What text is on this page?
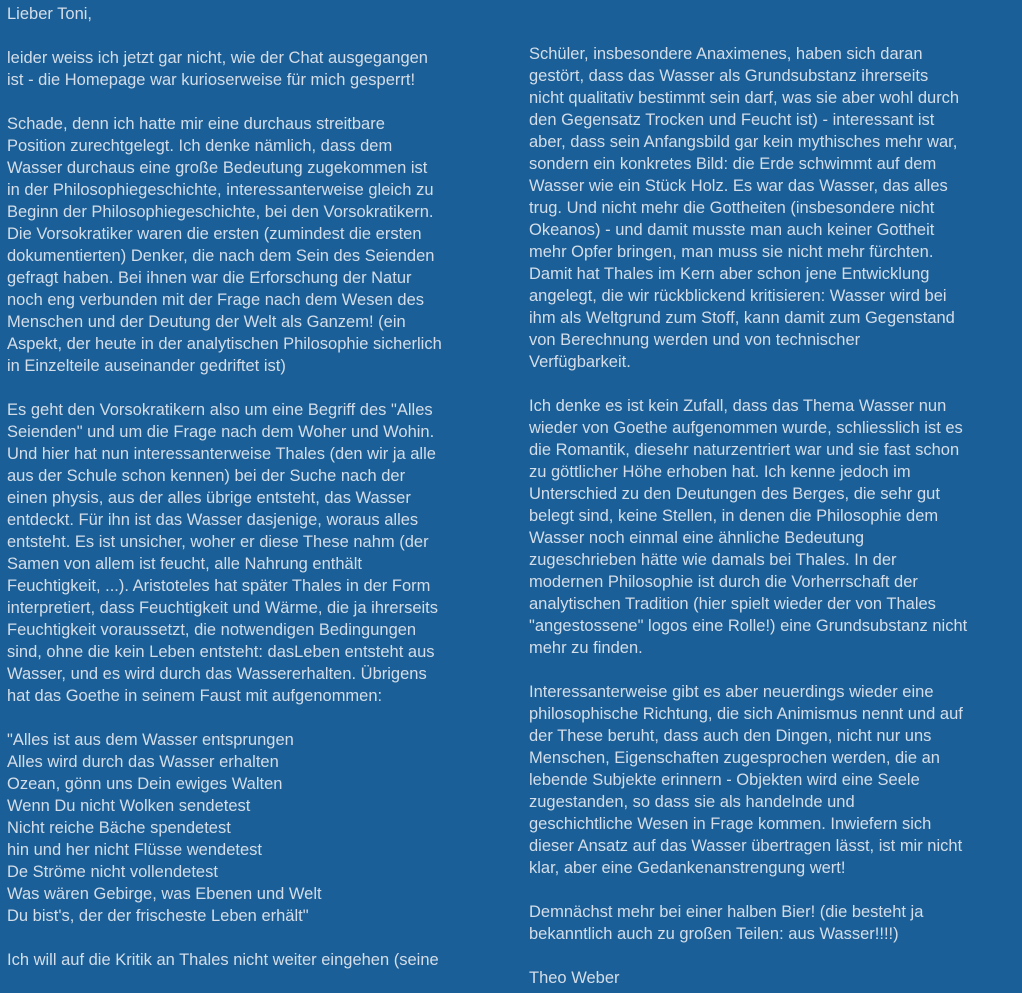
Lieber Toni,

leider weiss ich jetzt gar nicht, wie der Chat ausgegangen
ist - die Homepage war kurioserweise für mich gesperrt!

Schade, denn ich hatte mir eine durchaus streitbare
Position zurechtgelegt. Ich denke nämlich, dass dem
Wasser durchaus eine große Bedeutung zugekommen ist
in der Philosophiegeschichte, interessanterweise gleich zu
Beginn der Philosophiegeschichte, bei den Vorsokratikern.
Die Vorsokratiker waren die ersten (zumindest die ersten
dokumentierten) Denker, die nach dem Sein des Seienden
gefragt haben. Bei ihnen war die Erforschung der Natur
noch eng verbunden mit der Frage nach dem Wesen des
Menschen und der Deutung der Welt als Ganzem! (ein
Aspekt, der heute in der analytischen Philosophie sicherlich
in Einzelteile auseinander gedriftet ist)

Es geht den Vorsokratikern also um eine Begriff des "Alles
Seienden" und um die Frage nach dem Woher und Wohin.
Und hier hat nun interessanterweise Thales (den wir ja alle
aus der Schule schon kennen) bei der Suche nach der
einen physis, aus der alles übrige entsteht, das Wasser
entdeckt. Für ihn ist das Wasser dasjenige, woraus alles
entsteht. Es ist unsicher, woher er diese These nahm (der
Samen von allem ist feucht, alle Nahrung enthält
Feuchtigkeit, ...). Aristoteles hat später Thales in der Form
interpretiert, dass Feuchtigkeit und Wärme, die ja ihrerseits
Feuchtigkeit voraussetzt, die notwendigen Bedingungen
sind, ohne die kein Leben entsteht: dasLeben entsteht aus
Wasser, und es wird durch das Wassererhalten. Übrigens
hat das Goethe in seinem Faust mit aufgenommen:

"Alles ist aus dem Wasser entsprungen
Alles wird durch das Wasser erhalten
Ozean, gönn uns Dein ewiges Walten
Wenn Du nicht Wolken sendetest
Nicht reiche Bäche spendetest
hin und her nicht Flüsse wendetest
De Ströme nicht vollendetest
Was wären Gebirge, was Ebenen und Welt
Du bist's, der der frischeste Leben erhält"

Ich will auf die Kritik an Thales nicht weiter eingehen (seine

Schüler, insbesondere Anaximenes, haben sich daran
gestört, dass das Wasser als Grundsubstanz ihrerseits
nicht qualitativ bestimmt sein darf, was sie aber wohl durch
den Gegensatz Trocken und Feucht ist) - interessant ist
aber, dass sein Anfangsbild gar kein mythisches mehr war,
sondern ein konkretes Bild: die Erde schwimmt auf dem
Wasser wie ein Stück Holz. Es war das Wasser, das alles
trug. Und nicht mehr die Gottheiten (insbesondere nicht
Okeanos) - und damit musste man auch keiner Gottheit
mehr Opfer bringen, man muss sie nicht mehr fürchten.
Damit hat Thales im Kern aber schon jene Entwicklung
angelegt, die wir rückblickend kritisieren: Wasser wird bei
ihm als Weltgrund zum Stoff, kann damit zum Gegenstand
von Berechnung werden und von technischer
Verfügbarkeit.

Ich denke es ist kein Zufall, dass das Thema Wasser nun
wieder von Goethe aufgenommen wurde, schliesslich ist es
die Romantik, diesehr naturzentriert war und sie fast schon
zu göttlicher Höhe erhoben hat. Ich kenne jedoch im
Unterschied zu den Deutungen des Berges, die sehr gut
belegt sind, keine Stellen, in denen die Philosophie dem
Wasser noch einmal eine ähnliche Bedeutung
zugeschrieben hätte wie damals bei Thales. In der
modernen Philosophie ist durch die Vorherrschaft der
analytischen Tradition (hier spielt wieder der von Thales
"angestossene" logos eine Rolle!) eine Grundsubstanz nicht
mehr zu finden.

Interessanterweise gibt es aber neuerdings wieder eine
philosophische Richtung, die sich Animismus nennt und auf
der These beruht, dass auch den Dingen, nicht nur uns
Menschen, Eigenschaften zugesprochen werden, die an
lebende Subjekte erinnern - Objekten wird eine Seele
zugestanden, so dass sie als handelnde und
geschichtliche Wesen in Frage kommen. Inwiefern sich
dieser Ansatz auf das Wasser übertragen lässt, ist mir nicht
klar, aber eine Gedankenanstrengung wert!

Demnächst mehr bei einer halben Bier! (die besteht ja
bekanntlich auch zu großen Teilen: aus Wasser!!!!)

Theo Weber
